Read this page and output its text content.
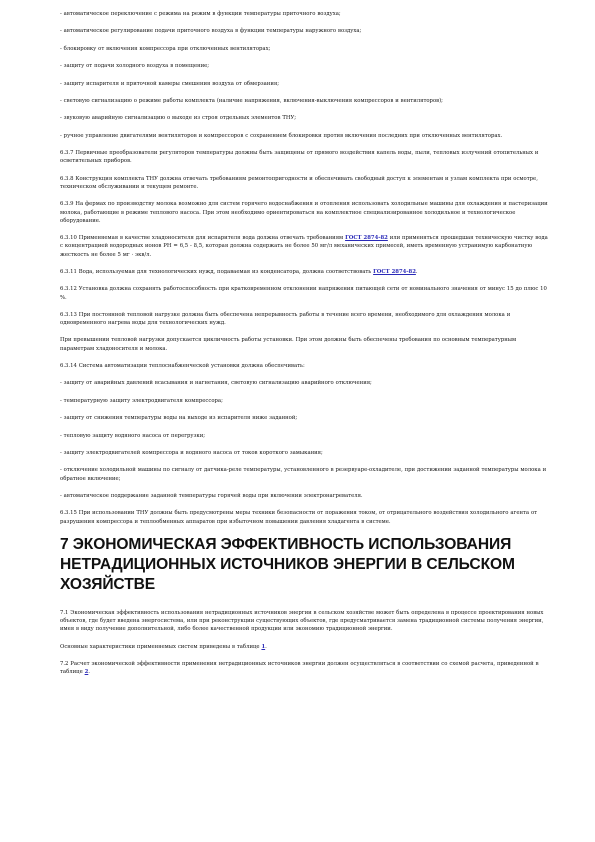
- автоматическое переключение с режима на режим в функции температуры приточного воздуха;

- автоматическое регулирование подачи приточного воздуха в функции температуры наружного воздуха;

- блокировку от включения компрессора при отключенных вентиляторах;

- защиту от подачи холодного воздуха в помещение;

- защиту испарителя и приточной камеры смешения воздуха от обмерзания;

- световую сигнализацию о режиме работы комплекта (наличие напряжения, включения-выключения компрессоров и вентиляторов);

- звуковую аварийную сигнализацию о выходе из строя отдельных элементов ТНУ;

- ручное управление двигателями вентиляторов и компрессоров с сохранением блокировки против включения последних при отключенных вентиляторах.

6.3.7 Первичные преобразователи регуляторов температуры должны быть защищены от прямого воздействия капель воды, пыли, тепловых излучений отопительных и осветительных приборов.

6.3.8 Конструкция комплекта ТНУ должна отвечать требованиям ремонтопригодности и обеспечивать свободный доступ к элементам и узлам комплекта при осмотре, техническом обслуживании и текущем ремонте.

6.3.9 На фермах по производству молока возможно для систем горячего водоснабжения и отопления использовать холодильные машины для охлаждения и пастеризации молока, работающие в режиме теплового насоса. При этом необходимо ориентироваться на комплектное специализированное холодильное и технологическое оборудование.

6.3.10 Применяемая в качестве хладоносителя для испарителя вода должна отвечать требованиям ГОСТ 2874-82 или применяться прошедшая техническую чистку вода с концентрацией водородных ионов РН = 6,5 - 8,5, которая должна содержать не более 50 мг/л механических примесей, иметь временную устранимую карбонатную жесткость не более 5 мг · экв/л.

6.3.11 Вода, используемая для технологических нужд, подаваемая из конденсатора, должна соответствовать ГОСТ 2874-82.

6.3.12 Установка должна сохранять работоспособность при кратковременном отклонении напряжения питающей сети от номинального значения от минус 15 до плюс 10 %.

6.3.13 При постоянной тепловой нагрузке должна быть обеспечена непрерывность работы в течение всего времени, необходимого для охлаждения молока и одновременного нагрева воды для технологических нужд.

При превышении тепловой нагрузки допускается цикличность работы установки. При этом должны быть обеспечены требования по основным температурным параметрам хладоносителя и молока.

6.3.14 Система автоматизации теплоснабженческой установки должна обеспечивать:

- защиту от аварийных давлений всасывания и нагнетания, световую сигнализацию аварийного отключения;

- температурную защиту электродвигателя компрессора;

- защиту от снижения температуры воды на выходе из испарителя ниже заданной;

- тепловую защиту водяного насоса от перегрузки;

- защиту электродвигателей компрессора и водяного насоса от токов короткого замыкания;

- отключение холодильной машины по сигналу от датчика-реле температуры, установленного в резервуаре-охладителе, при достижении заданной температуры молока и обратное включение;

- автоматическое поддержание заданной температуры горячей воды при включении электронагревателя.

6.3.15 При использовании ТНУ должны быть предусмотрены меры техники безопасности от поражения током, от отрицательного воздействия холодильного агента от разрушения компрессора и теплообменных аппаратов при избыточном повышении давления хладагента в системе.

7 ЭКОНОМИЧЕСКАЯ ЭФФЕКТИВНОСТЬ ИСПОЛЬЗОВАНИЯ НЕТРАДИЦИОННЫХ ИСТОЧНИКОВ ЭНЕРГИИ В СЕЛЬСКОМ ХОЗЯЙСТВЕ

7.1 Экономическая эффективность использования нетрадиционных источников энергии в сельском хозяйстве может быть определена в процессе проектирования новых объектов, где будет введена энергосистема, или при реконструкции существующих объектов, где предусматривается замена традиционной системы получения энергии, имея в виду получение дополнительной, либо более качественной продукции или экономию традиционной энергии.

Основные характеристики применяемых систем приведены в таблице 1.

7.2 Расчет экономической эффективности применения нетрадиционных источников энергии должен осуществляться в соответствии со схемой расчета, приведенной в таблице 2.
